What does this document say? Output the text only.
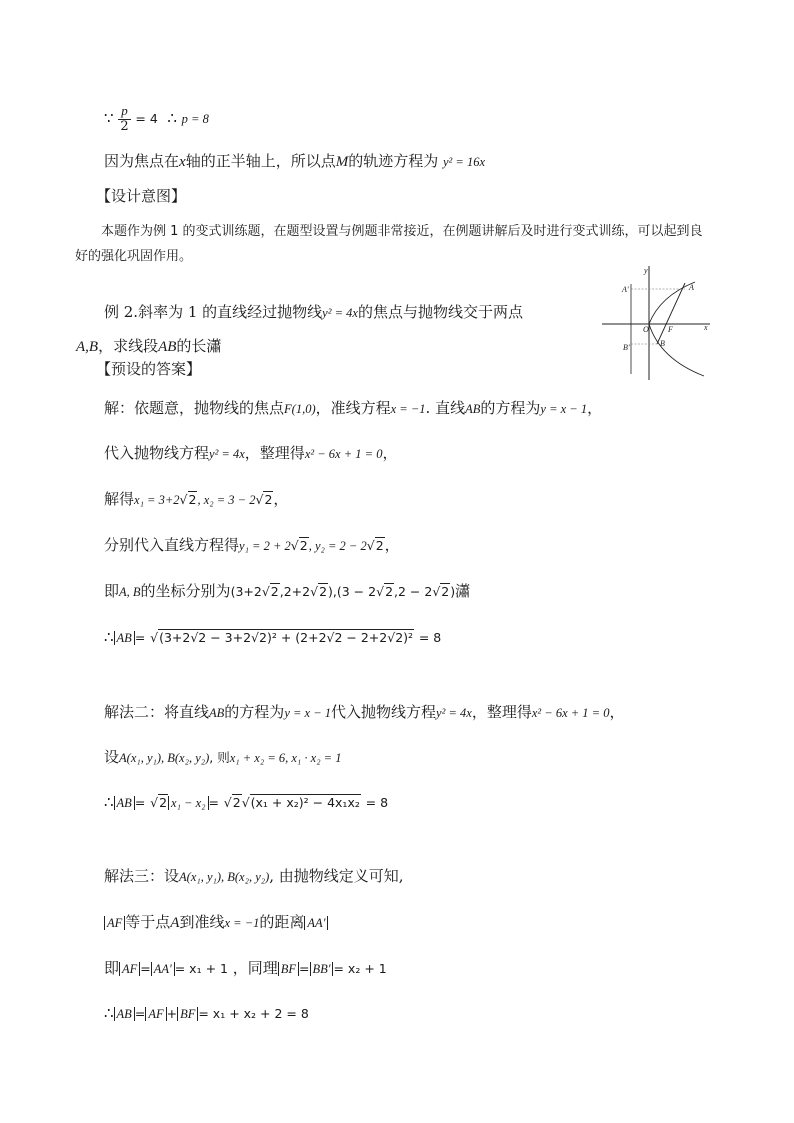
∵ $\frac{p}{2} = 4$ ∴ p = 8
因为焦点在x轴的正半轴上，所以点M的轨迹方程为 y² = 16x
【设计意图】
本题作为例 1 的变式训练题，在题型设置与例题非常接近，在例题讲解后及时进行变式训练，可以起到良好的强化巩固作用。
例 2.斜率为 1 的直线经过抛物线y² = 4x的焦点与抛物线交于两点
A,B，求线段AB的长瀟
【预设的答案】
y
x
A'	A
O F
B'	B
解：依题意，抛物线的焦点F(1,0)，准线方程x = −1. 直线AB的方程为y = x − 1，
代入抛物线方程y² = 4x，整理得x² − 6x + 1 = 0，
解得x₁ = 3+2√2, x₂ = 3 − 2√2，
分别代入直线方程得y₁ = 2 + 2√2, y₂ = 2 − 2√2，
即A, B的坐标分别为(3+2√2,2+2√2),(3 − 2√2,2 − 2√2)瀟
∴ AB = √(3+2√2 − 3+2√2)² + (2+2√2 − 2+2√2)² = 8
解法二：将直线AB的方程为y = x − 1代入抛物线方程y² = 4x，整理得x² − 6x + 1 = 0，
设A(x₁, y₁), B(x₂, y₂), 则x₁ + x₂ = 6, x₁ · x₂ = 1
∴ AB = √2 x₁ − x₂ = √2√(x₁ + x₂)² − 4x₁x₂ = 8
解法三：设A(x₁, y₁), B(x₂, y₂), 由抛物线定义可知,
AF 等于点A到准线x = −1的距离 AA'
即 AF = AA' = x₁ + 1 ，同理 BF = BB' = x₂ + 1
∴ AB = AF + BF = x₁ + x₂ + 2 = 8
